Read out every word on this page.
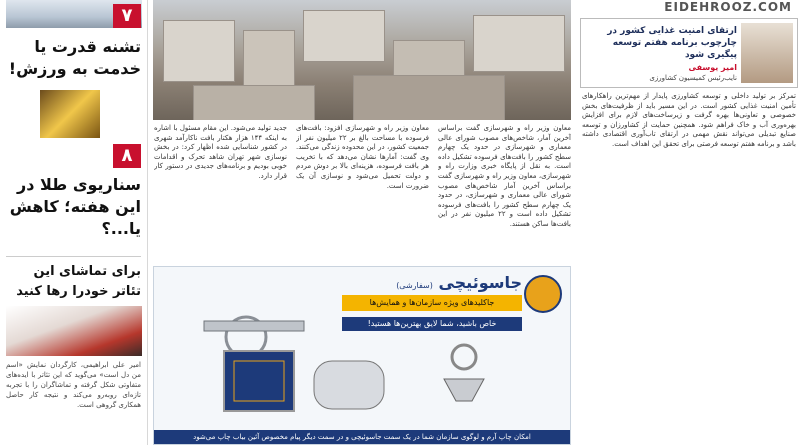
۷
تشنه قدرت یا خدمت به ورزش!
۸
سناریوی طلا در این هفته؛ کاهش یا...؟
برای تماشای این تئاتر خودرا رها کنید
امیر علی ابراهیمی، کارگردان نمایش «اسم من دل است» می‌گوید که این تئاتر با ایده‌های متفاوتی شکل گرفته و تماشاگران را با تجربه تازه‌ای روبه‌رو می‌کند و نتیجه کار حاصل همکاری گروهی است.
معاون وزیر راه و شهرسازی گفت براساس آخرین آمار، شاخص‌های مصوب شورای عالی معماری و شهرسازی در حدود یک چهارم سطح کشور را بافت‌های فرسوده تشکیل داده است. به نقل از پایگاه خبری وزارت راه و شهرسازی، معاون وزیر راه و شهرسازی گفت براساس آخرین آمار شاخص‌های مصوب شورای عالی معماری و شهرسازی، در حدود یک چهارم سطح کشور را بافت‌های فرسوده تشکیل داده است و ۲۲ میلیون نفر در این بافت‌ها ساکن هستند.
معاون وزیر راه و شهرسازی افزود: بافت‌های فرسوده با مساحت بالغ بر ۲۲ میلیون نفر از جمعیت کشور، در این محدوده زندگی می‌کنند. وی گفت: آمارها نشان می‌دهد که با تخریب هر بافت فرسوده، هزینه‌ای بالا بر دوش مردم و دولت تحمیل می‌شود و نوسازی آن یک ضرورت است.
جدید تولید می‌شود. این مقام مسئول با اشاره به اینکه ۱۴۴ هزار هکتار بافت ناکارآمد شهری در کشور شناسایی شده اظهار کرد: در بخش نوسازی شهر تهران شاهد تحرک و اقدامات خوبی بودیم و برنامه‌های جدیدی در دستور کار قرار دارد.
جاسوئیچی (سفارشی)
جاکلیدهای ویژه سازمان‌ها و همایش‌ها
خاص باشید، شما لایق بهترین‌ها هستید!
امکان چاپ آرم و لوگوی سازمان شما در یک سمت جاسوئیچی و در سمت دیگر پیام مخصوص آئین بیاب چاپ می‌شود
EIDEHROOZ.COM
ارتقای امنیت غذایی کشور در چارچوب برنامه هفتم توسعه پیگیری شود
امیر یوسفی
نایب‌رئیس کمیسیون کشاورزی
تمرکز بر تولید داخلی و توسعه کشاورزی پایدار از مهم‌ترین راهکارهای تأمین امنیت غذایی کشور است. در این مسیر باید از ظرفیت‌های بخش خصوصی و تعاونی‌ها بهره گرفت و زیرساخت‌های لازم برای افزایش بهره‌وری آب و خاک فراهم شود. همچنین حمایت از کشاورزان و توسعه صنایع تبدیلی می‌تواند نقش مهمی در ارتقای تاب‌آوری اقتصادی داشته باشد و برنامه هفتم توسعه فرصتی برای تحقق این اهداف است.
